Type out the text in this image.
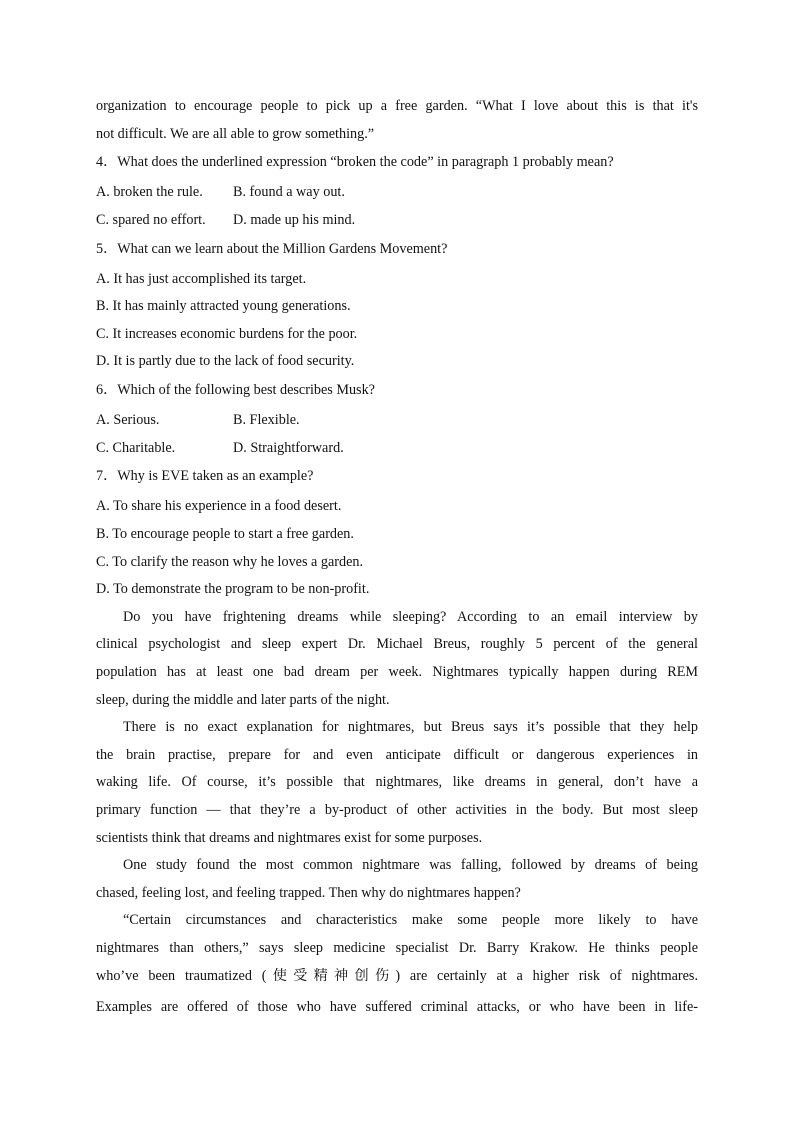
organization to encourage people to pick up a free garden. “What I love about this is that it's
not difficult. We are all able to grow something.”
4．What does the underlined expression “broken the code” in paragraph 1 probably mean?
A. broken the rule. B. found a way out.
C. spared no effort. D. made up his mind.
5．What can we learn about the Million Gardens Movement?
A. It has just accomplished its target.
B. It has mainly attracted young generations.
C. It increases economic burdens for the poor.
D. It is partly due to the lack of food security.
6．Which of the following best describes Musk?
A. Serious.	B. Flexible.
C. Charitable.	D. Straightforward.
7．Why is EVE taken as an example?
A. To share his experience in a food desert.
B. To encourage people to start a free garden.
C. To clarify the reason why he loves a garden.
D. To demonstrate the program to be non-profit.
Do you have frightening dreams while sleeping? According to an email interview by
clinical psychologist and sleep expert Dr. Michael Breus, roughly 5 percent of the general
population has at least one bad dream per week. Nightmares typically happen during REM
sleep, during the middle and later parts of the night.
There is no exact explanation for nightmares, but Breus says it’s possible that they help
the brain practise, prepare for and even anticipate difficult or dangerous experiences in
waking life. Of course, it’s possible that nightmares, like dreams in general, don’t have a
primary function — that they’re a by-product of other activities in the body. But most sleep
scientists think that dreams and nightmares exist for some purposes.
One study found the most common nightmare was falling, followed by dreams of being
chased, feeling lost, and feeling trapped. Then why do nightmares happen?
“Certain circumstances and characteristics make some people more likely to have
nightmares than others,” says sleep medicine specialist Dr. Barry Krakow. He thinks people
who’ve been traumatized (使受精神创伤) are certainly at a higher risk of nightmares.
Examples are offered of those who have suffered criminal attacks, or who have been in life-
